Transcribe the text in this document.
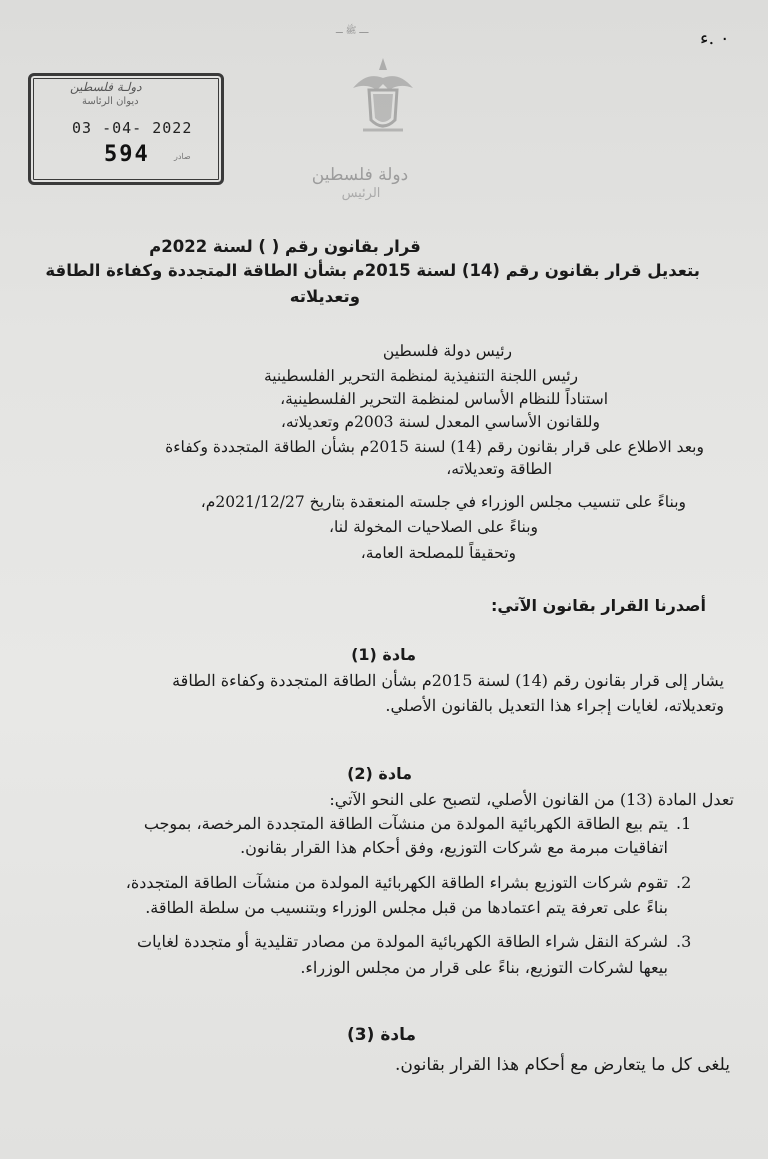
ــــــــ ﷺ ــــــ	٠ .ﺀ
دولـة فلسطين
ديوان الرئاسة
03 -04- 2022
594	صادر
دولة فلسطين
الرئيس
قرار بقانون رقم ( ) لسنة 2022م
بتعديل قرار بقانون رقم (14) لسنة 2015م بشأن الطاقة المتجددة وكفاءة الطاقة
وتعديلاته
رئيس دولة فلسطين
رئيس اللجنة التنفيذية لمنظمة التحرير الفلسطينية
استناداً للنظام الأساس لمنظمة التحرير الفلسطينية،
وللقانون الأساسي المعدل لسنة 2003م وتعديلاته،
وبعد الاطلاع على قرار بقانون رقم (14) لسنة 2015م بشأن الطاقة المتجددة وكفاءة
الطاقة وتعديلاته،
وبناءً على تنسيب مجلس الوزراء في جلسته المنعقدة بتاريخ 2021/12/27م،
وبناءً على الصلاحيات المخولة لنا،
وتحقيقاً للمصلحة العامة،
أصدرنا القرار بقانون الآتي:
مادة (1)
يشار إلى قرار بقانون رقم (14) لسنة 2015م بشأن الطاقة المتجددة وكفاءة الطاقة
وتعديلاته، لغايات إجراء هذا التعديل بالقانون الأصلي.
مادة (2)
تعدل المادة (13) من القانون الأصلي، لتصبح على النحو الآتي:
.1
يتم بيع الطاقة الكهربائية المولدة من منشآت الطاقة المتجددة المرخصة، بموجب
اتفاقيات مبرمة مع شركات التوزيع، وفق أحكام هذا القرار بقانون.
.2
تقوم شركات التوزيع بشراء الطاقة الكهربائية المولدة من منشآت الطاقة المتجددة،
بناءً على تعرفة يتم اعتمادها من قبل مجلس الوزراء وبتنسيب من سلطة الطاقة.
.3
لشركة النقل شراء الطاقة الكهربائية المولدة من مصادر تقليدية أو متجددة لغايات
بيعها لشركات التوزيع، بناءً على قرار من مجلس الوزراء.
مادة (3)
يلغى كل ما يتعارض مع أحكام هذا القرار بقانون.
